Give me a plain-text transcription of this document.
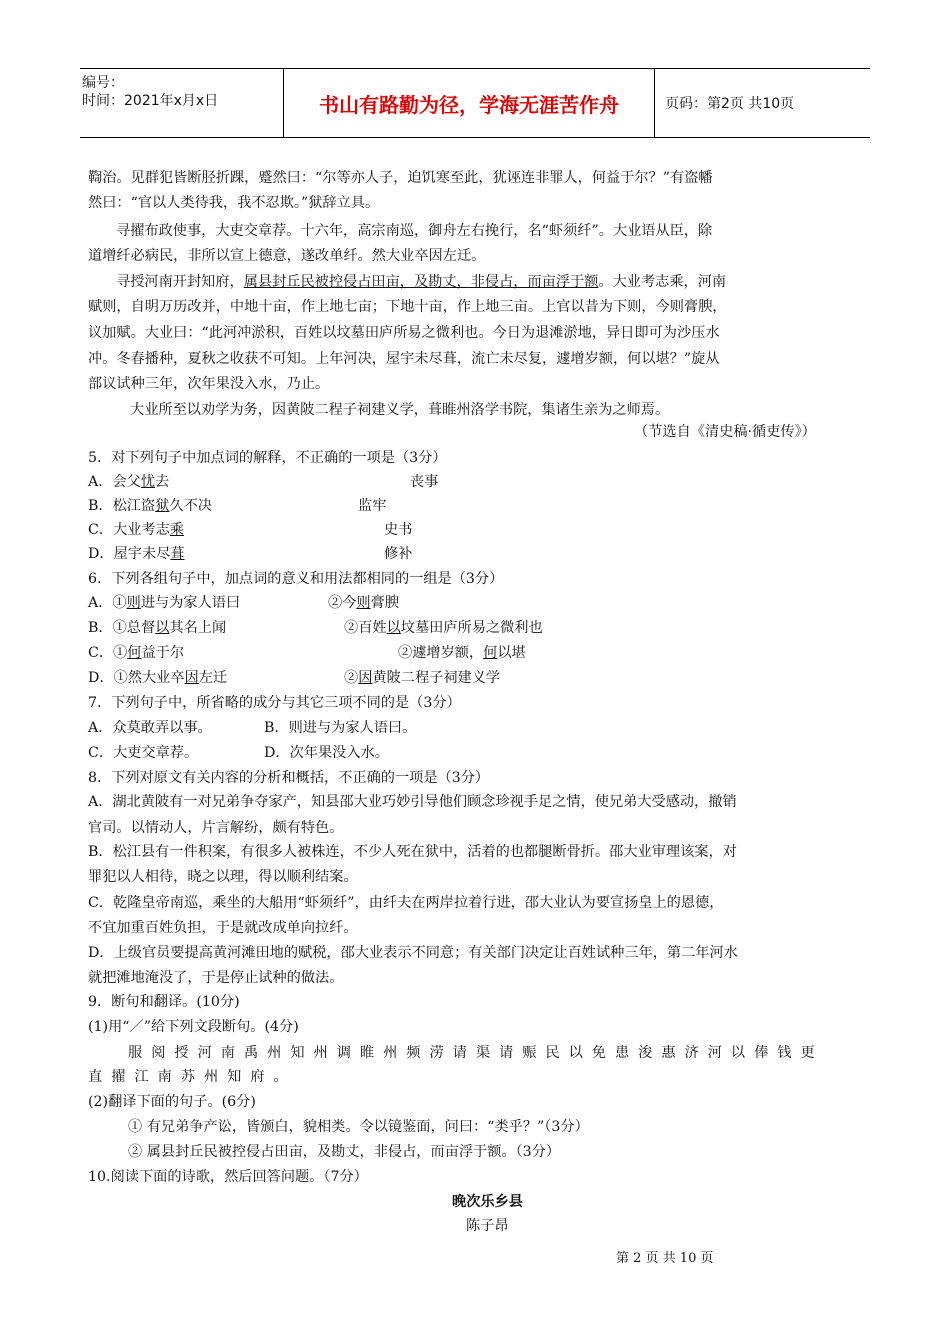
编号：
时间：2021年x月x日	书山有路勤为径，学海无涯苦作舟	页码：第2页 共10页
鞫治。见群犯皆断胫折踝，蹙然曰：“尔等亦人子，迫饥寒至此，犹诬连非罪人，何益于尔？”有盗幡
然曰：“官以人类待我，我不忍欺。”狱辞立具。
寻擢布政使事，大吏交章荐。十六年，高宗南巡，御舟左右挽行，名“虾须纤”。大业语从臣，除
道增纤必病民，非所以宣上德意，遂改单纤。然大业卒因左迁。
寻授河南开封知府，属县封丘民被控侵占田亩，及勘丈，非侵占，而亩浮于额。大业考志乘，河南
赋则，自明万历改并，中地十亩，作上地七亩；下地十亩，作上地三亩。上官以昔为下则，今则膏腴，
议加赋。大业曰：“此河冲淤积，百姓以坟墓田庐所易之微利也。今日为退滩淤地，异日即可为沙压水
冲。冬春播种，夏秋之收获不可知。上年河决，屋宇未尽葺，流亡未尽复，遽增岁额，何以堪？”旋从
部议试种三年，次年果没入水，乃止。
大业所至以劝学为务，因黄陂二程子祠建义学，葺睢州洛学书院，集诸生亲为之师焉。
（节选自《清史稿·循吏传》）
5．对下列句子中加点词的解释，不正确的一项是（3分）
A．会父忧去	丧事
B．松江盗狱久不决	监牢
C．大业考志乘	史书
D．屋宇未尽葺	修补
6．下列各组句子中，加点词的意义和用法都相同的一组是（3分）
A．①则进与为家人语曰	②今则膏腴
B．①总督以其名上闻	②百姓以坟墓田庐所易之微利也
C．①何益于尔	②遽增岁额，何以堪
D．①然大业卒因左迁	②因黄陂二程子祠建义学
7．下列句子中，所省略的成分与其它三项不同的是（3分）
A．众莫敢弄以事。	B．则进与为家人语曰。
C．大吏交章荐。	D．次年果没入水。
8．下列对原文有关内容的分析和概括，不正确的一项是（3分）
A．湖北黄陂有一对兄弟争夺家产，知县邵大业巧妙引导他们顾念珍视手足之情，使兄弟大受感动，撤销
官司。以情动人，片言解纷，颇有特色。
B．松江县有一件积案，有很多人被株连，不少人死在狱中，活着的也都腿断骨折。邵大业审理该案，对
罪犯以人相待，晓之以理，得以顺利结案。
C．乾隆皇帝南巡，乘坐的大船用“虾须纤”，由纤夫在两岸拉着行进，邵大业认为要宣扬皇上的恩德，
不宜加重百姓负担，于是就改成单向拉纤。
D．上级官员要提高黄河滩田地的赋税，邵大业表示不同意；有关部门决定让百姓试种三年，第二年河水
就把滩地淹没了，于是停止试种的做法。
9．断句和翻译。(10分)
(1)用“／”给下列文段断句。(4分)
服阅授河南禹州知州调睢州频涝请渠请赈民以免患浚惠济河以俸钱更
直擢江南苏州知府。
(2)翻译下面的句子。(6分)
① 有兄弟争产讼，皆颁白，貌相类。令以镜鉴面，问曰：“类乎？”（3分）
② 属县封丘民被控侵占田亩，及勘丈，非侵占，而亩浮于额。（3分）
10.阅读下面的诗歌，然后回答问题。（7分）
晚次乐乡县
陈子昂
第 2 页 共 10 页
